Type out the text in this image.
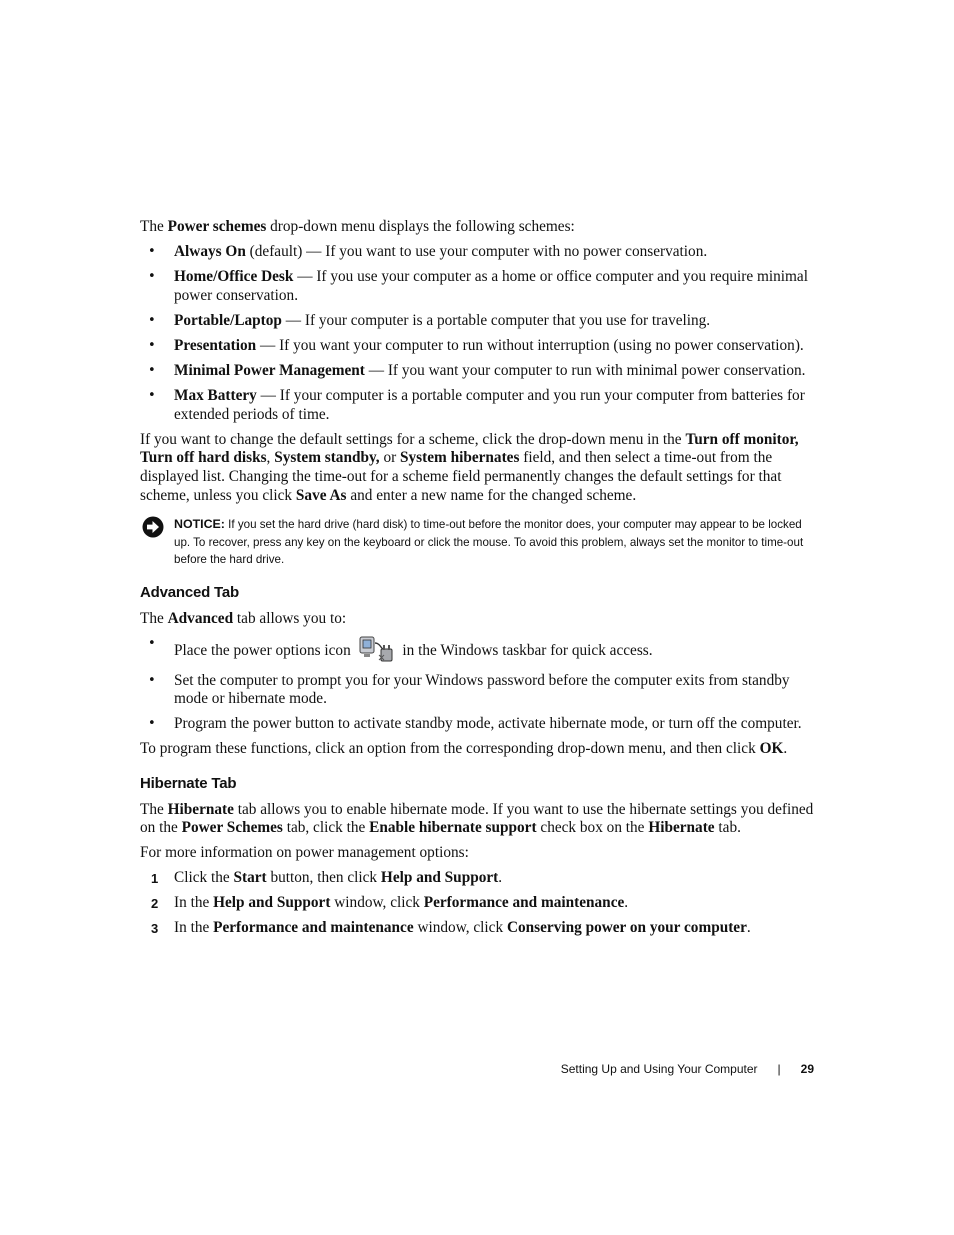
The Power schemes drop-down menu displays the following schemes:

• Always On (default) — If you want to use your computer with no power conservation.
• Home/Office Desk — If you use your computer as a home or office computer and you require minimal power conservation.
• Portable/Laptop — If your computer is a portable computer that you use for traveling.
• Presentation — If you want your computer to run without interruption (using no power conservation).
• Minimal Power Management — If you want your computer to run with minimal power conservation.
• Max Battery — If your computer is a portable computer and you run your computer from batteries for extended periods of time.

If you want to change the default settings for a scheme, click the drop-down menu in the Turn off monitor, Turn off hard disks, System standby, or System hibernates field, and then select a time-out from the displayed list. Changing the time-out for a scheme field permanently changes the default settings for that scheme, unless you click Save As and enter a new name for the changed scheme.

NOTICE: If you set the hard drive (hard disk) to time-out before the monitor does, your computer may appear to be locked up. To recover, press any key on the keyboard or click the mouse. To avoid this problem, always set the monitor to time-out before the hard drive.
Advanced Tab

The Advanced tab allows you to:

• Place the power options icon	in the Windows taskbar for quick access.
• Set the computer to prompt you for your Windows password before the computer exits from standby mode or hibernate mode.
• Program the power button to activate standby mode, activate hibernate mode, or turn off the computer.

To program these functions, click an option from the corresponding drop-down menu, and then click OK.

Hibernate Tab

The Hibernate tab allows you to enable hibernate mode. If you want to use the hibernate settings you defined on the Power Schemes tab, click the Enable hibernate support check box on the Hibernate tab.

For more information on power management options:

1 Click the Start button, then click Help and Support.
2 In the Help and Support window, click Performance and maintenance.
3 In the Performance and maintenance window, click Conserving power on your computer.
Setting Up and Using Your Computer | 29
